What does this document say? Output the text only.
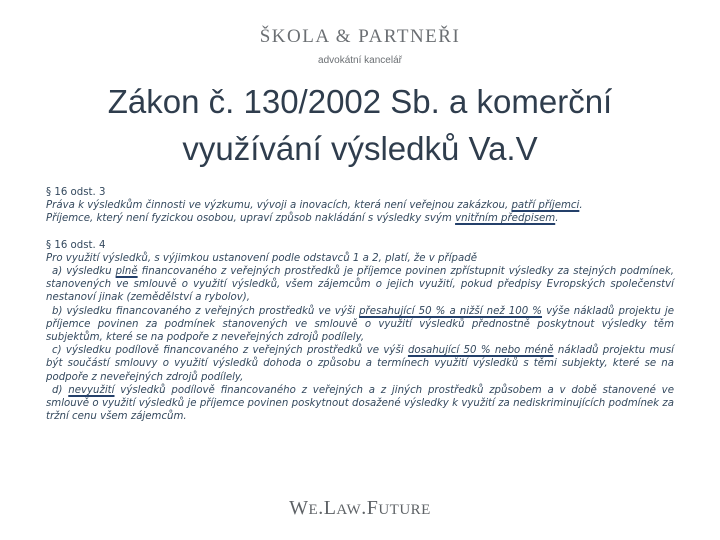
ŠKOLA & PARTNEŘI
advokátní kancelář
Zákon č. 130/2002 Sb. a komerční
využívání výsledků Va.V

§ 16 odst. 3

Práva k výsledkům činnosti ve výzkumu, vývoji a inovacích, která není veřejnou zakázkou, patří příjemci.

Příjemce, který není fyzickou osobou, upraví způsob nakládání s výsledky svým vnitřním předpisem.

§ 16 odst. 4

Pro využití výsledků, s výjimkou ustanovení podle odstavců 1 a 2, platí, že v případě

a) výsledku plně financovaného z veřejných prostředků je příjemce povinen zpřístupnit výsledky za stejných podmínek, stanovených ve smlouvě o využití výsledků, všem zájemcům o jejich využití, pokud předpisy Evropských společenství nestanoví jinak (zemědělství a rybolov),

b) výsledku financovaného z veřejných prostředků ve výši přesahující 50 % a nižší než 100 % výše nákladů projektu je příjemce povinen za podmínek stanovených ve smlouvě o využití výsledků přednostně poskytnout výsledky těm subjektům, které se na podpoře z neveřejných zdrojů podílely,

c) výsledku podílově financovaného z veřejných prostředků ve výši dosahující 50 % nebo méně nákladů projektu musí být součástí smlouvy o využití výsledků dohoda o způsobu a termínech využití výsledků s těmi subjekty, které se na podpoře z neveřejných zdrojů podílely,

d) nevyužití výsledků podílově financovaného z veřejných a z jiných prostředků způsobem a v době stanovené ve smlouvě o využití výsledků je příjemce povinen poskytnout dosažené výsledky k využití za nediskriminujících podmínek za tržní cenu všem zájemcům.

WE.LAW.FUTURE
